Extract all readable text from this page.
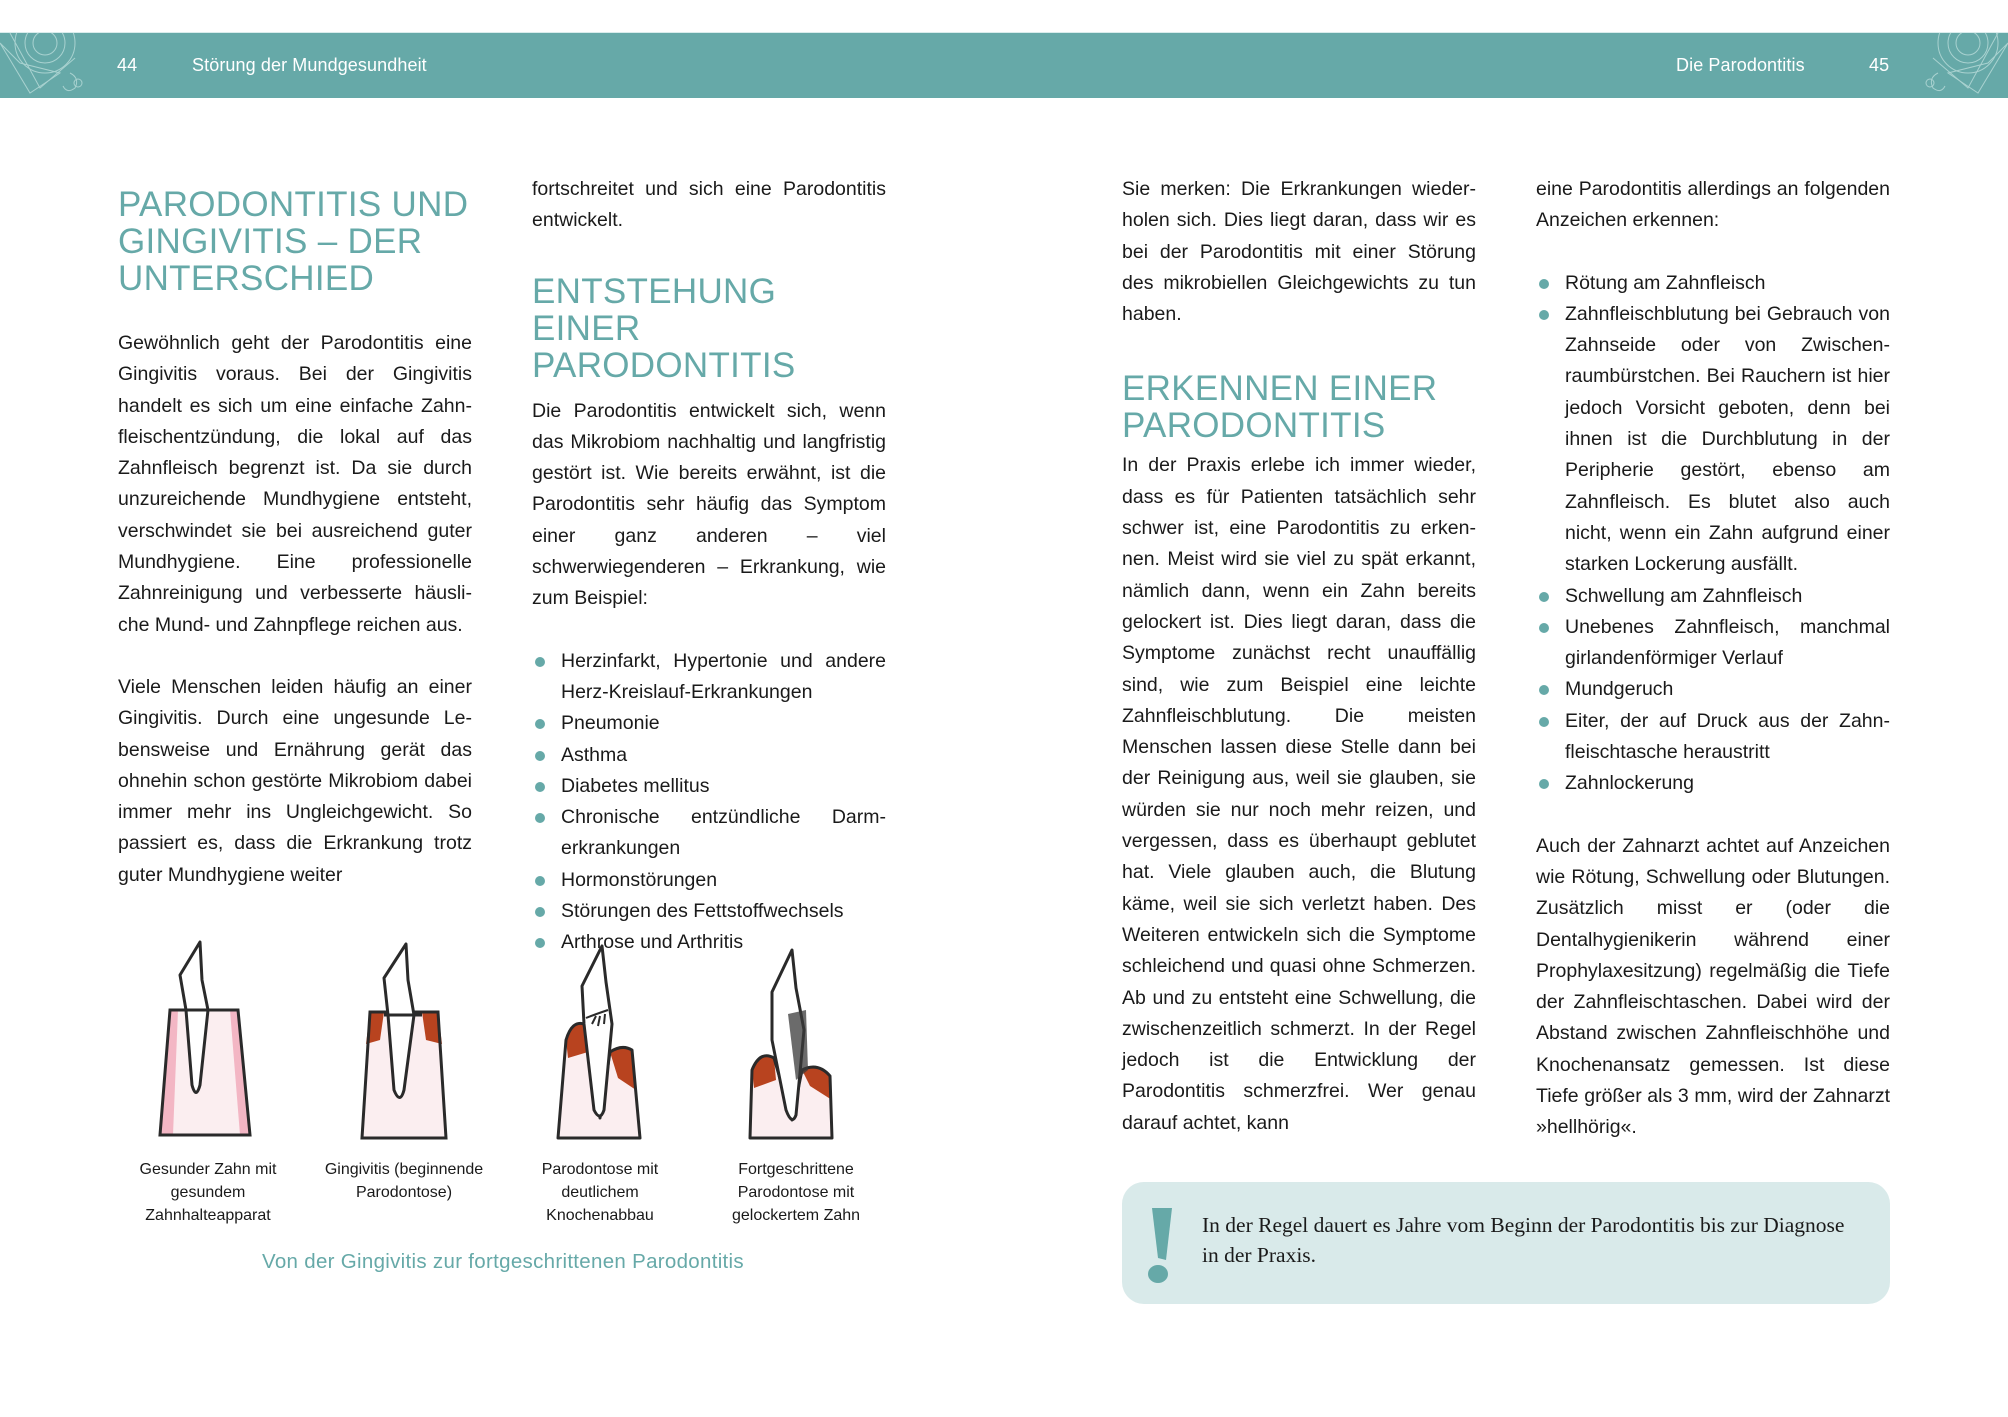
44	Störung der Mundgesundheit	Die Parodontitis	45
PARODONTITIS UND
GINGIVITIS – DER
UNTERSCHIED

Gewöhnlich geht der Parodontitis eine Gingivitis voraus. Bei der Gingivitis handelt es sich um eine einfache Zahnfleischentzündung, die lokal auf das Zahnfleisch begrenzt ist. Da sie durch unzureichende Mundhygiene entsteht, verschwindet sie bei ausreichend guter Mundhygiene. Eine professionelle Zahnreinigung und verbesserte häusliche Mund- und Zahnpflege reichen aus.

Viele Menschen leiden häufig an einer Gingivitis. Durch eine ungesunde Lebensweise und Ernährung gerät das ohnehin schon gestörte Mikrobiom dabei immer mehr ins Ungleichgewicht. So passiert es, dass die Erkrankung trotz guter Mundhygiene weiter

fortschreitet und sich eine Parodontitis entwickelt.

ENTSTEHUNG EINER
PARODONTITIS

Die Parodontitis entwickelt sich, wenn das Mikrobiom nachhaltig und langfristig gestört ist. Wie bereits erwähnt, ist die Parodontitis sehr häufig das Symptom einer ganz anderen – viel schwerwiegenderen – Erkrankung, wie zum Beispiel:

Herzinfarkt, Hypertonie und andere Herz-Kreislauf-Erkrankungen
Pneumonie
Asthma
Diabetes mellitus
Chronische entzündliche Darmerkrankungen
Hormonstörungen
Störungen des Fettstoffwechsels
Arthrose und Arthritis
Gesunder Zahn mit gesundem Zahnhalteapparat
Gingivitis (beginnende Parodontose)
Parodontose mit deutlichem Knochenabbau
Fortgeschrittene Parodontose mit gelockertem Zahn
Von der Gingivitis zur fortgeschrittenen Parodontitis

Sie merken: Die Erkrankungen wiederholen sich. Dies liegt daran, dass wir es bei der Parodontitis mit einer Störung des mikrobiellen Gleichgewichts zu tun haben.

ERKENNEN EINER
PARODONTITIS

In der Praxis erlebe ich immer wieder, dass es für Patienten tatsächlich sehr schwer ist, eine Parodontitis zu erkennen. Meist wird sie viel zu spät erkannt, nämlich dann, wenn ein Zahn bereits gelockert ist. Dies liegt daran, dass die Symptome zunächst recht unauffällig sind, wie zum Beispiel eine leichte Zahnfleischblutung. Die meisten Menschen lassen diese Stelle dann bei der Reinigung aus, weil sie glauben, sie würden sie nur noch mehr reizen, und vergessen, dass es überhaupt geblutet hat. Viele glauben auch, die Blutung käme, weil sie sich verletzt haben. Des Weiteren entwickeln sich die Symptome schleichend und quasi ohne Schmerzen. Ab und zu entsteht eine Schwellung, die zwischenzeitlich schmerzt. In der Regel jedoch ist die Entwicklung der Parodontitis schmerzfrei. Wer genau darauf achtet, kann

eine Parodontitis allerdings an folgenden Anzeichen erkennen:

Rötung am Zahnfleisch
Zahnfleischblutung bei Gebrauch von Zahnseide oder von Zwischenraumbürstchen. Bei Rauchern ist hier jedoch Vorsicht geboten, denn bei ihnen ist die Durchblutung in der Peripherie gestört, ebenso am Zahnfleisch. Es blutet also auch nicht, wenn ein Zahn aufgrund einer starken Lockerung ausfällt.
Schwellung am Zahnfleisch
Unebenes Zahnfleisch, manchmal girlandenförmiger Verlauf
Mundgeruch
Eiter, der auf Druck aus der Zahnfleischtasche heraustritt
Zahnlockerung

Auch der Zahnarzt achtet auf Anzeichen wie Rötung, Schwellung oder Blutungen. Zusätzlich misst er (oder die Dentalhygienikerin während einer Prophylaxesitzung) regelmäßig die Tiefe der Zahnfleischtaschen. Dabei wird der Abstand zwischen Zahnfleischhöhe und Knochenansatz gemessen. Ist diese Tiefe größer als 3 mm, wird der Zahnarzt »hellhörig«.

In der Regel dauert es Jahre vom Beginn der Parodontitis bis zur Diagnose in der Praxis.
